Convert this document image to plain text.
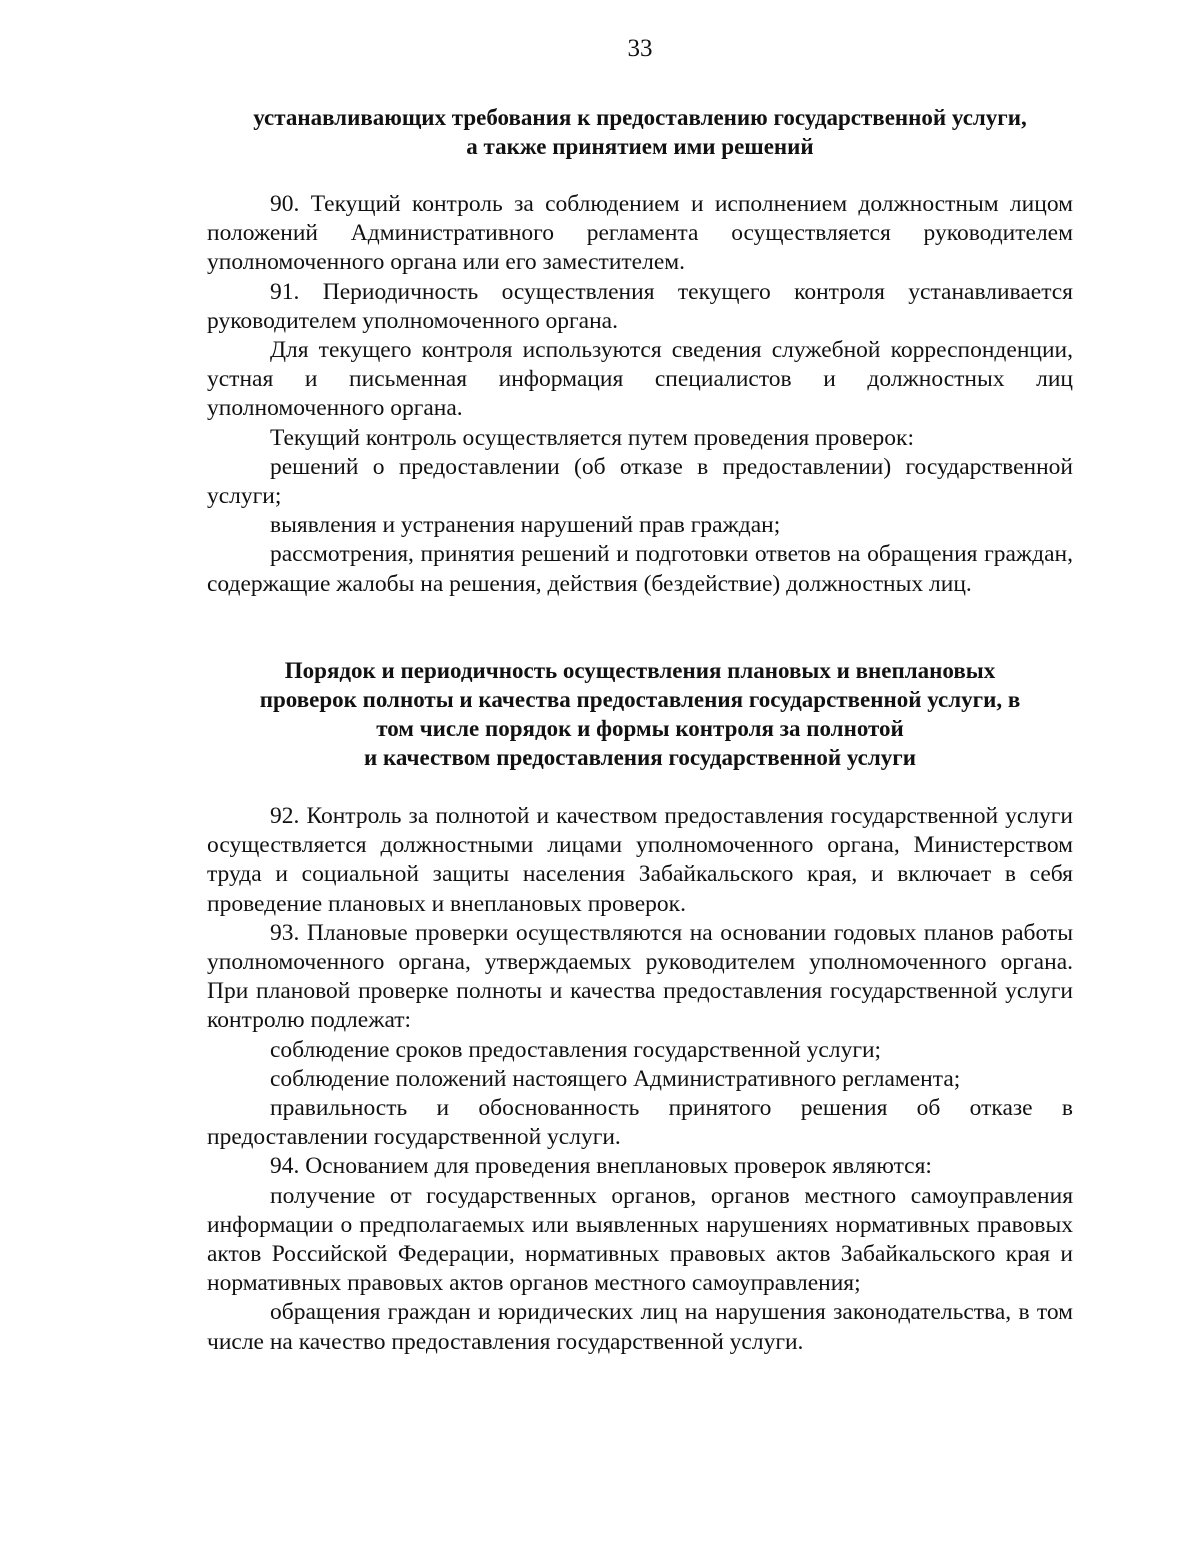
33
устанавливающих требования к предоставлению государственной услуги,
а также принятием ими решений

90. Текущий контроль за соблюдением и исполнением должностным лицом положений Административного регламента осуществляется руководителем уполномоченного органа или его заместителем.

91. Периодичность осуществления текущего контроля устанавливается руководителем уполномоченного органа.

Для текущего контроля используются сведения служебной корреспонденции, устная и письменная информация специалистов и должностных лиц уполномоченного органа.

Текущий контроль осуществляется путем проведения проверок:

решений о предоставлении (об отказе в предоставлении) государственной услуги;

выявления и устранения нарушений прав граждан;

рассмотрения, принятия решений и подготовки ответов на обращения граждан, содержащие жалобы на решения, действия (бездействие) должностных лиц.

Порядок и периодичность осуществления плановых и внеплановых
проверок полноты и качества предоставления государственной услуги, в
том числе порядок и формы контроля за полнотой
и качеством предоставления государственной услуги

92. Контроль за полнотой и качеством предоставления государственной услуги осуществляется должностными лицами уполномоченного органа, Министерством труда и социальной защиты населения Забайкальского края, и включает в себя проведение плановых и внеплановых проверок.

93. Плановые проверки осуществляются на основании годовых планов работы уполномоченного органа, утверждаемых руководителем уполномоченного органа. При плановой проверке полноты и качества предоставления государственной услуги контролю подлежат:

соблюдение сроков предоставления государственной услуги;

соблюдение положений настоящего Административного регламента;

правильность и обоснованность принятого решения об отказе в предоставлении государственной услуги.

94. Основанием для проведения внеплановых проверок являются:

получение от государственных органов, органов местного самоуправления информации о предполагаемых или выявленных нарушениях нормативных правовых актов Российской Федерации, нормативных правовых актов Забайкальского края и нормативных правовых актов органов местного самоуправления;

обращения граждан и юридических лиц на нарушения законодательства, в том числе на качество предоставления государственной услуги.
